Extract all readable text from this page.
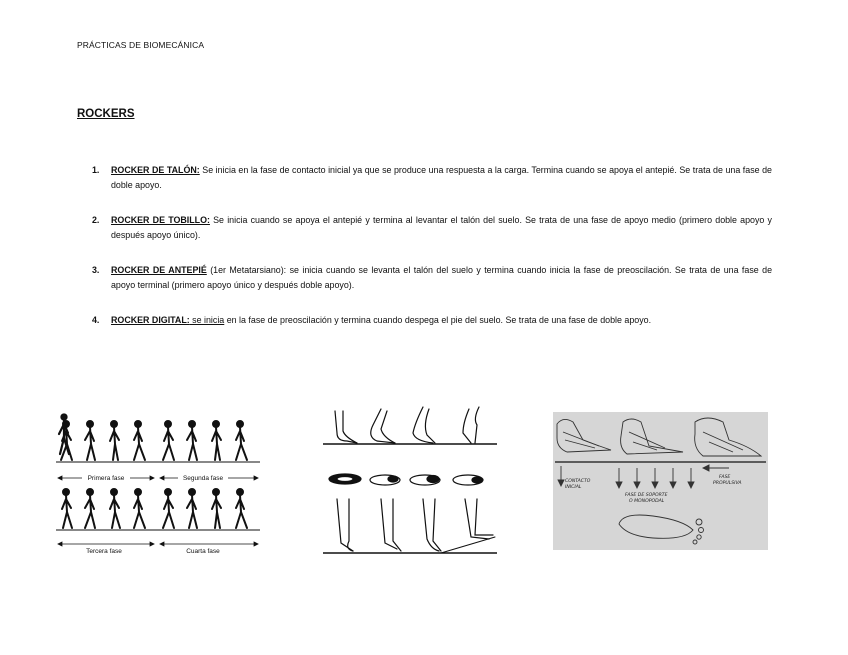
PRÁCTICAS DE BIOMECÁNICA
ROCKERS
1. ROCKER DE TALÓN: Se inicia en la fase de contacto inicial ya que se produce una respuesta a la carga. Termina cuando se apoya el antepié. Se trata de una fase de doble apoyo.
2. ROCKER DE TOBILLO: Se inicia cuando se apoya el antepié y termina al levantar el talón del suelo. Se trata de una fase de apoyo medio (primero doble apoyo y después apoyo único).
3. ROCKER DE ANTEPIÉ (1er Metatarsiano): se inicia cuando se levanta el talón del suelo y termina cuando inicia la fase de preoscilación. Se trata de una fase de apoyo terminal (primero apoyo único y después doble apoyo).
4. ROCKER DIGITAL: se inicia en la fase de preoscilación y termina cuando despega el pie del suelo. Se trata de una fase de doble apoyo.
Primera fase	Segunda fase
Tercera fase	Cuarta fase
CONTACTO
INICIAL
FASE DE SOPORTE
O MONOPODAL
FASE
PROPULSIVA
